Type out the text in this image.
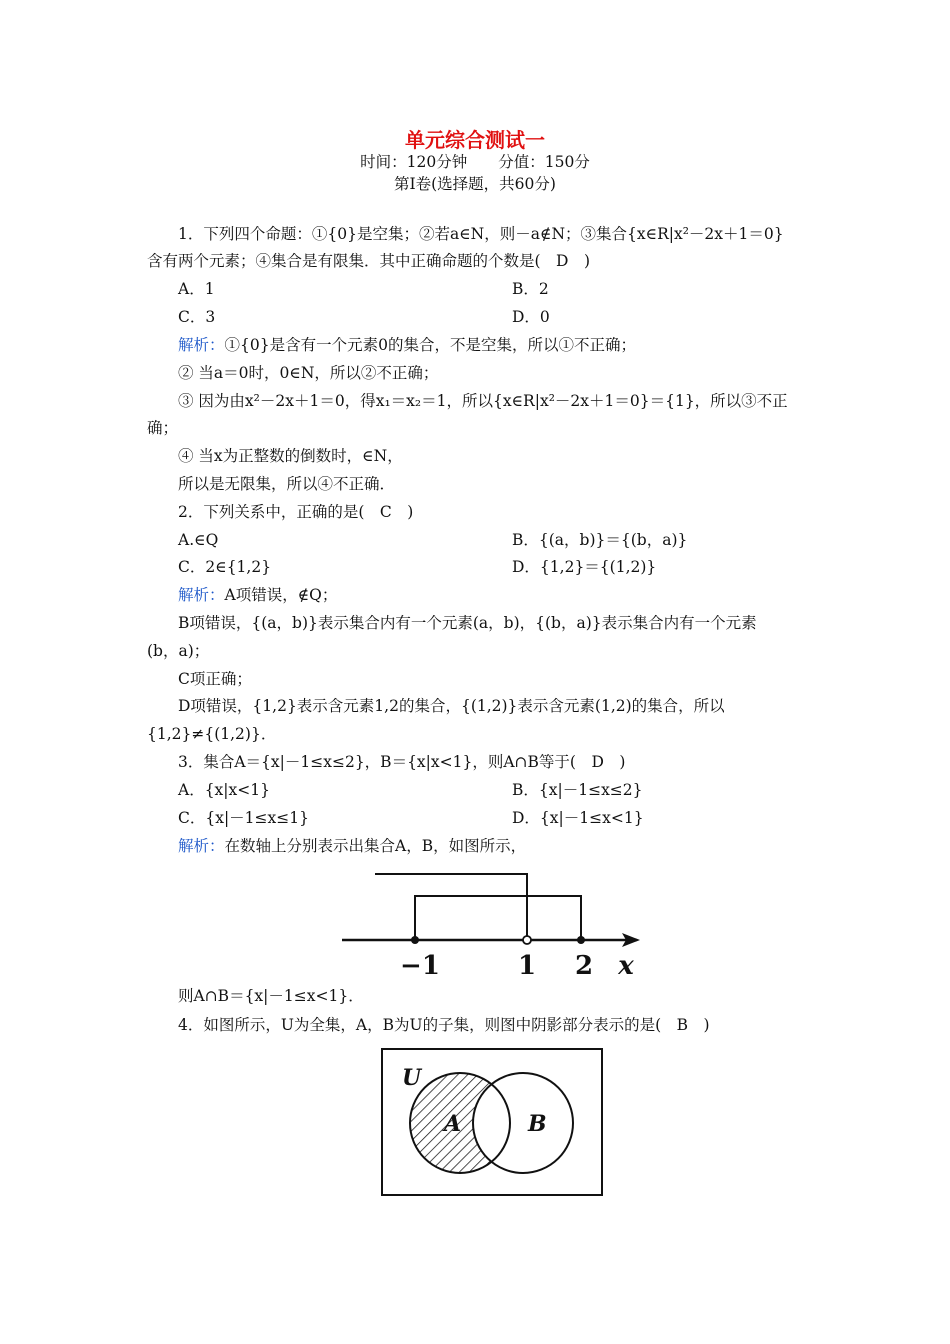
单元综合测试一
时间：120分钟　　分值：150分
第Ⅰ卷(选择题，共60分)
1．下列四个命题：①{0}是空集；②若a∈N，则－a∉N；③集合{x∈R|x²－2x＋1＝0}
含有两个元素；④集合是有限集．其中正确命题的个数是(　D　)
A．1	B．2
C．3	D．0
解析：①{0}是含有一个元素0的集合，不是空集，所以①不正确；
② 当a＝0时，0∈N，所以②不正确；
③ 因为由x²－2x＋1＝0，得x₁＝x₂＝1，所以{x∈R|x²－2x＋1＝0}＝{1}，所以③不正
确；
④ 当x为正整数的倒数时，∈N，
所以是无限集，所以④不正确．
2．下列关系中，正确的是(　C　)
A.∈Q	B．{(a，b)}＝{(b，a)}
C．2∈{1,2}	D．{1,2}＝{(1,2)}
解析：A项错误，∉Q；
B项错误，{(a，b)}表示集合内有一个元素(a，b)，{(b，a)}表示集合内有一个元素
(b，a)；
C项正确；
D项错误，{1,2}表示含元素1,2的集合，{(1,2)}表示含元素(1,2)的集合，所以
{1,2}≠{(1,2)}．
3．集合A＝{x|－1≤x≤2}，B＝{x|x<1}，则A∩B等于(　D　)
A．{x|x<1}	B．{x|－1≤x≤2}
C．{x|－1≤x≤1}	D．{x|－1≤x<1}
解析：在数轴上分别表示出集合A，B，如图所示，
−1	1 2 x
则A∩B＝{x|－1≤x<1}．
4．如图所示，U为全集，A，B为U的子集，则图中阴影部分表示的是(　B　)
U
A	B
